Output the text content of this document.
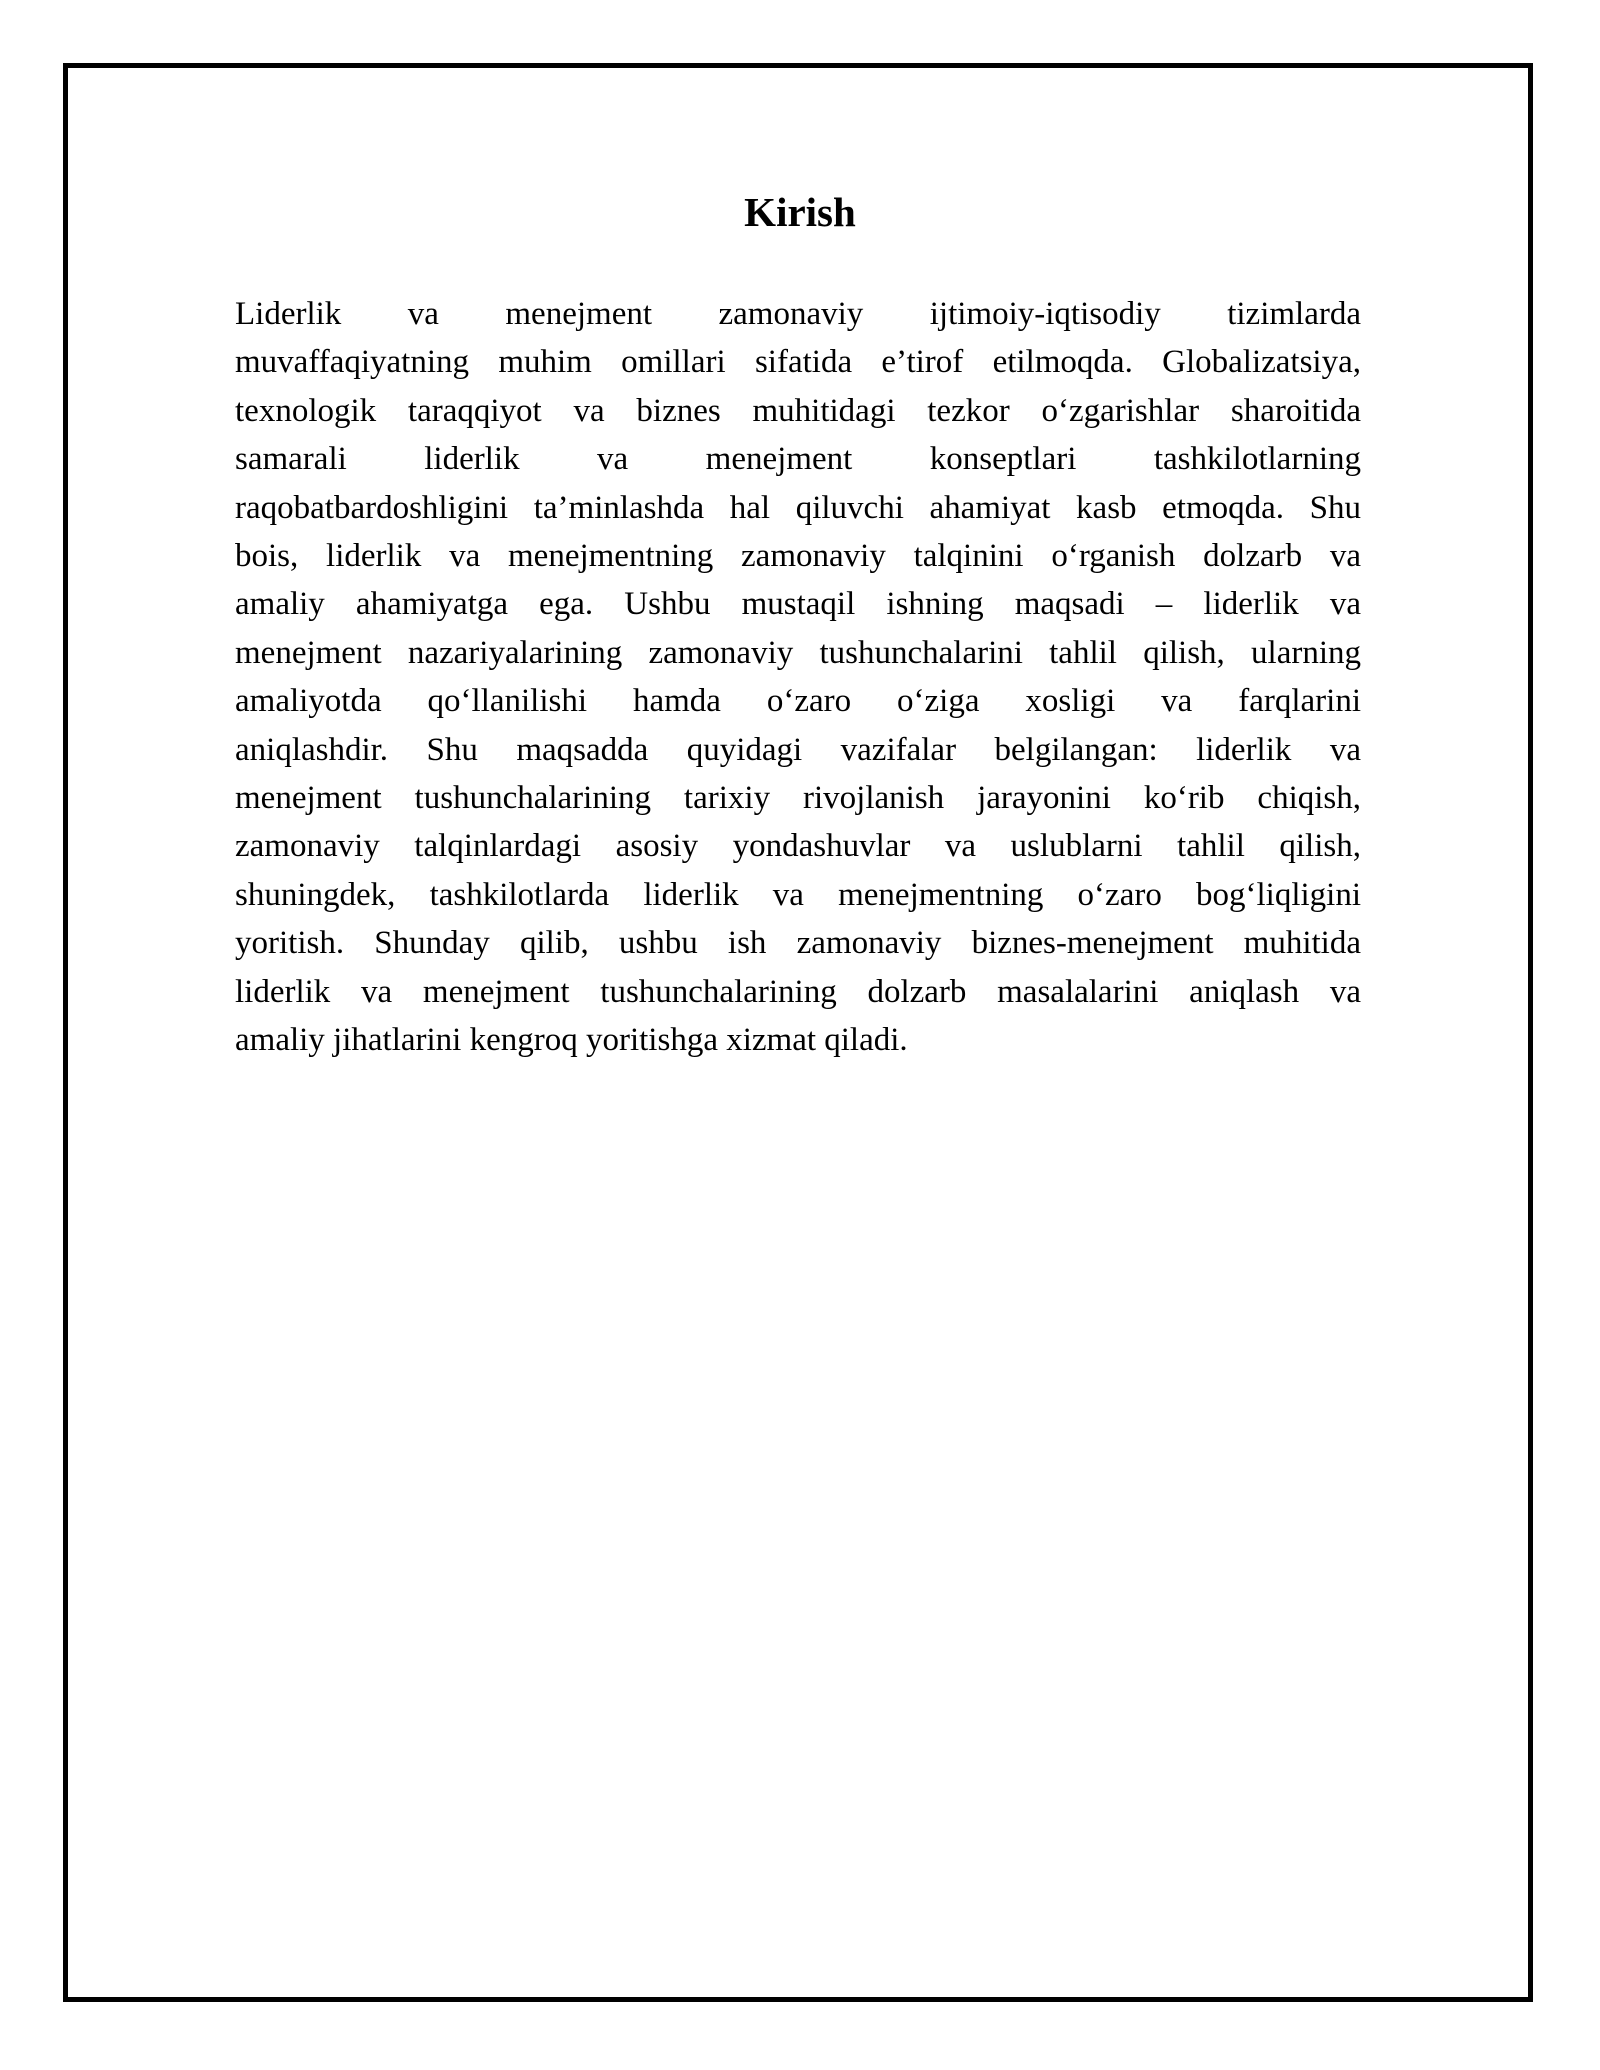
Kirish

Liderlik va menejment zamonaviy ijtimoiy-iqtisodiy tizimlarda
muvaffaqiyatning muhim omillari sifatida e’tirof etilmoqda. Globalizatsiya,
texnologik taraqqiyot va biznes muhitidagi tezkor o‘zgarishlar sharoitida
samarali liderlik va menejment konseptlari tashkilotlarning
raqobatbardoshligini ta’minlashda hal qiluvchi ahamiyat kasb etmoqda. Shu
bois, liderlik va menejmentning zamonaviy talqinini o‘rganish dolzarb va
amaliy ahamiyatga ega. Ushbu mustaqil ishning maqsadi – liderlik va
menejment nazariyalarining zamonaviy tushunchalarini tahlil qilish, ularning
amaliyotda qo‘llanilishi hamda o‘zaro o‘ziga xosligi va farqlarini
aniqlashdir. Shu maqsadda quyidagi vazifalar belgilangan: liderlik va
menejment tushunchalarining tarixiy rivojlanish jarayonini ko‘rib chiqish,
zamonaviy talqinlardagi asosiy yondashuvlar va uslublarni tahlil qilish,
shuningdek, tashkilotlarda liderlik va menejmentning o‘zaro bog‘liqligini
yoritish. Shunday qilib, ushbu ish zamonaviy biznes-menejment muhitida
liderlik va menejment tushunchalarining dolzarb masalalarini aniqlash va
amaliy jihatlarini kengroq yoritishga xizmat qiladi.
